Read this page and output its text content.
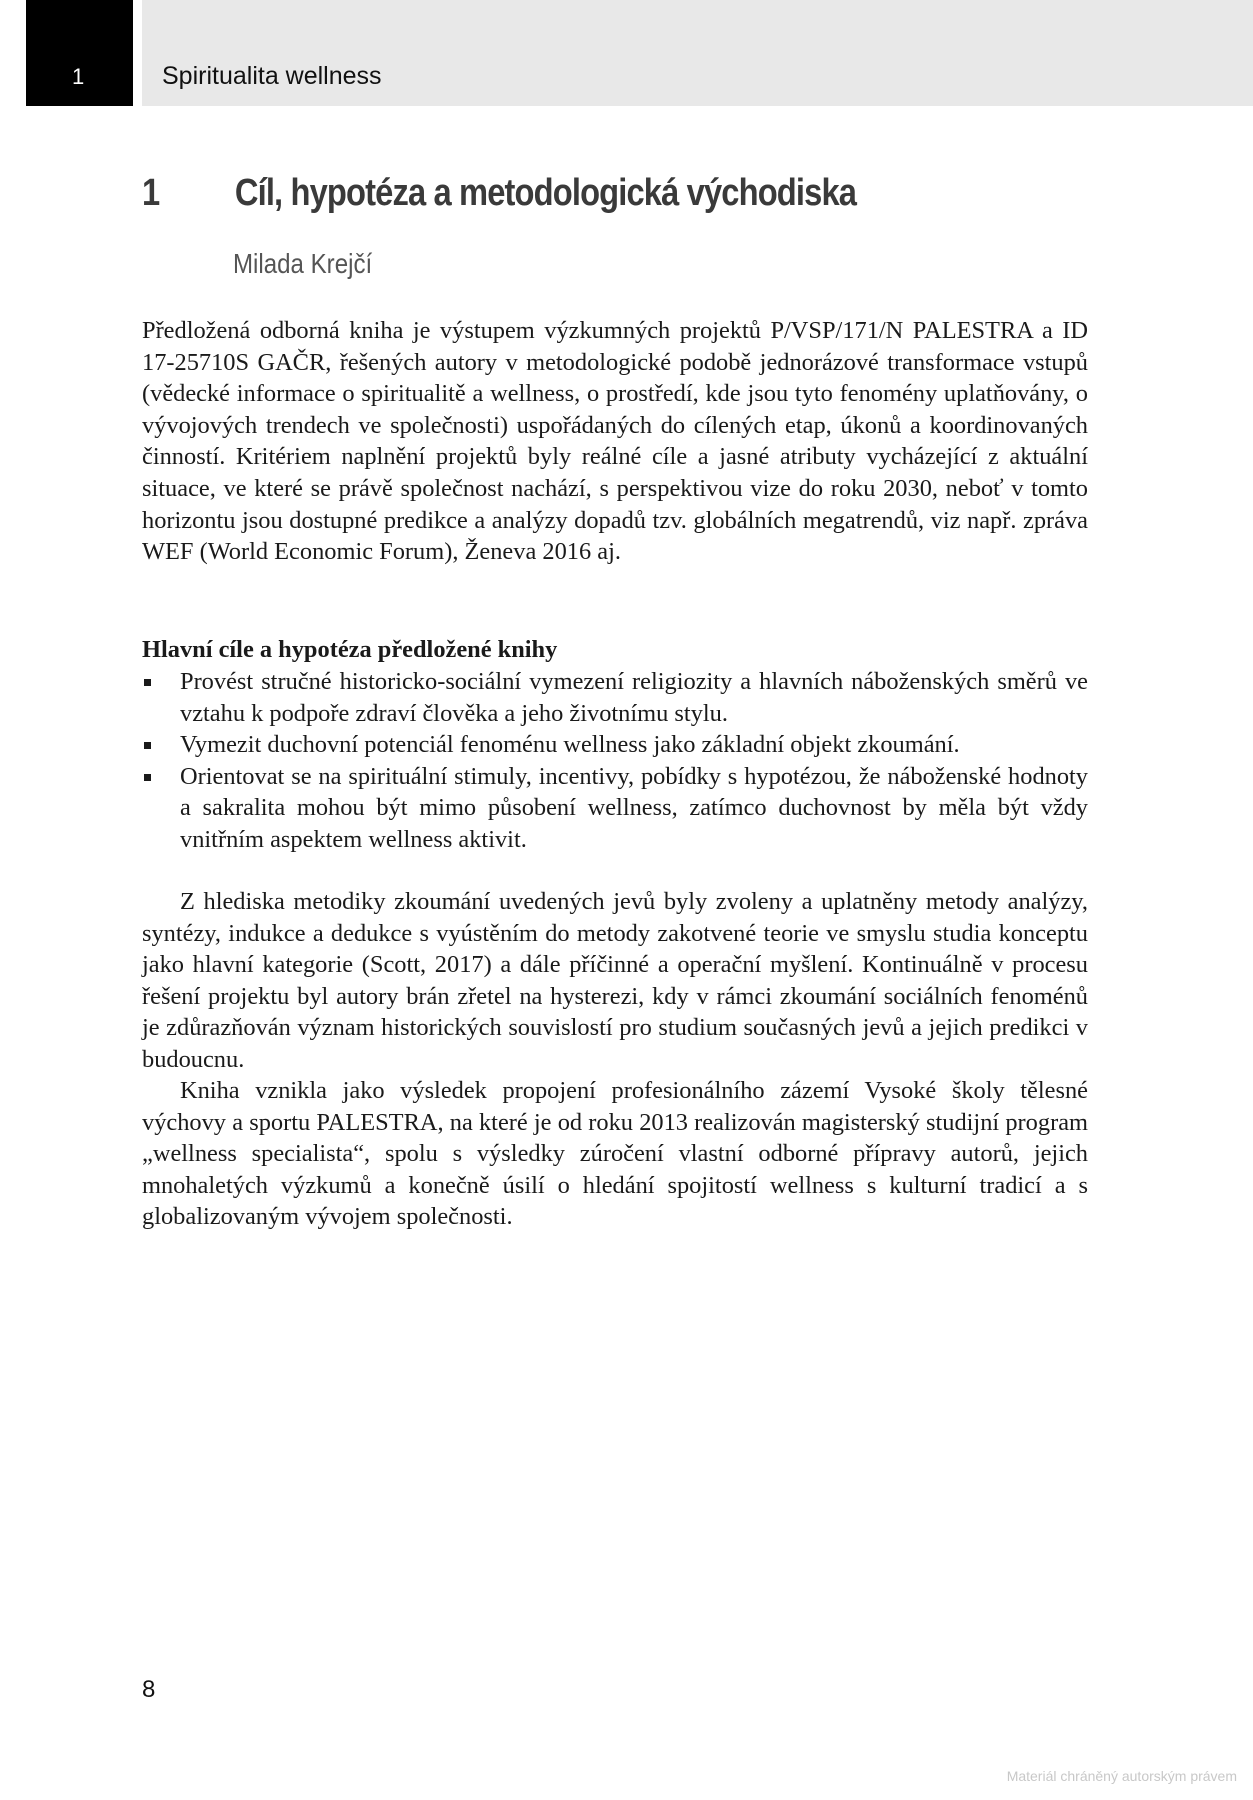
1	Spiritualita wellness
1 Cíl, hypotéza a metodologická východiska
Milada Krejčí

Předložená odborná kniha je výstupem výzkumných projektů P/VSP/171/N PALESTRA a ID 17-25710S GAČR, řešených autory v metodologické podobě jednorázové transformace vstupů (vědecké informace o spiritualitě a wellness, o prostředí, kde jsou tyto fenomény uplatňovány, o vývojových trendech ve společnosti) uspořádaných do cílených etap, úkonů a koordinovaných činností. Kritériem naplnění projektů byly reálné cíle a jasné atributy vycházející z aktuální situace, ve které se právě společnost nachází, s perspektivou vize do roku 2030, neboť v tomto horizontu jsou dostupné predikce a analýzy dopadů tzv. globálních megatrendů, viz např. zpráva WEF (World Economic Forum), Ženeva 2016 aj.

Hlavní cíle a hypotéza předložené knihy
Provést stručné historicko-sociální vymezení religiozity a hlavních náboženských směrů ve vztahu k podpoře zdraví člověka a jeho životnímu stylu.
Vymezit duchovní potenciál fenoménu wellness jako základní objekt zkoumání.
Orientovat se na spirituální stimuly, incentivy, pobídky s hypotézou, že náboženské hodnoty a sakralita mohou být mimo působení wellness, zatímco duchovnost by měla být vždy vnitřním aspektem wellness aktivit.

Z hlediska metodiky zkoumání uvedených jevů byly zvoleny a uplatněny metody analýzy, syntézy, indukce a dedukce s vyústěním do metody zakotvené teorie ve smyslu studia konceptu jako hlavní kategorie (Scott, 2017) a dále příčinné a operační myšlení. Kontinuálně v procesu řešení projektu byl autory brán zřetel na hysterezi, kdy v rámci zkoumání sociálních fenoménů je zdůrazňován význam historických souvislostí pro studium současných jevů a jejich predikci v budoucnu.

Kniha vznikla jako výsledek propojení profesionálního zázemí Vysoké školy tělesné výchovy a sportu PALESTRA, na které je od roku 2013 realizován magisterský studijní program „wellness specialista“, spolu s výsledky zúročení vlastní odborné přípravy autorů, jejich mnohaletých výzkumů a konečně úsilí o hledání spojitostí wellness s kulturní tradicí a s globalizovaným vývojem společnosti.

8
Materiál chráněný autorským právem
